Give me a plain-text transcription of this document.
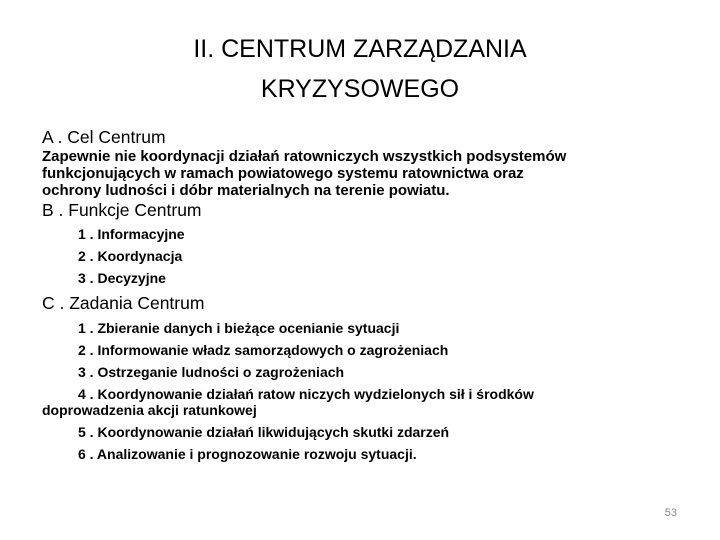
II. CENTRUM ZARZĄDZANIA
KRYZYSOWEGO
A . Cel Centrum
Zapewnie nie koordynacji działań ratowniczych wszystkich podsystemów
funkcjonujących w ramach powiatowego systemu ratownictwa oraz
ochrony ludności i dóbr materialnych na terenie powiatu.
B . Funkcje Centrum
1 . Informacyjne
2 . Koordynacja
3 . Decyzyjne
C . Zadania Centrum
1 . Zbieranie danych i bieżące ocenianie sytuacji
2 . Informowanie władz samorządowych o zagrożeniach
3 . Ostrzeganie ludności o zagrożeniach
4 . Koordynowanie działań ratow niczych wydzielonych sił i środków
doprowadzenia akcji ratunkowej
5 . Koordynowanie działań likwidujących skutki zdarzeń
6 . Analizowanie i prognozowanie rozwoju sytuacji.
53
